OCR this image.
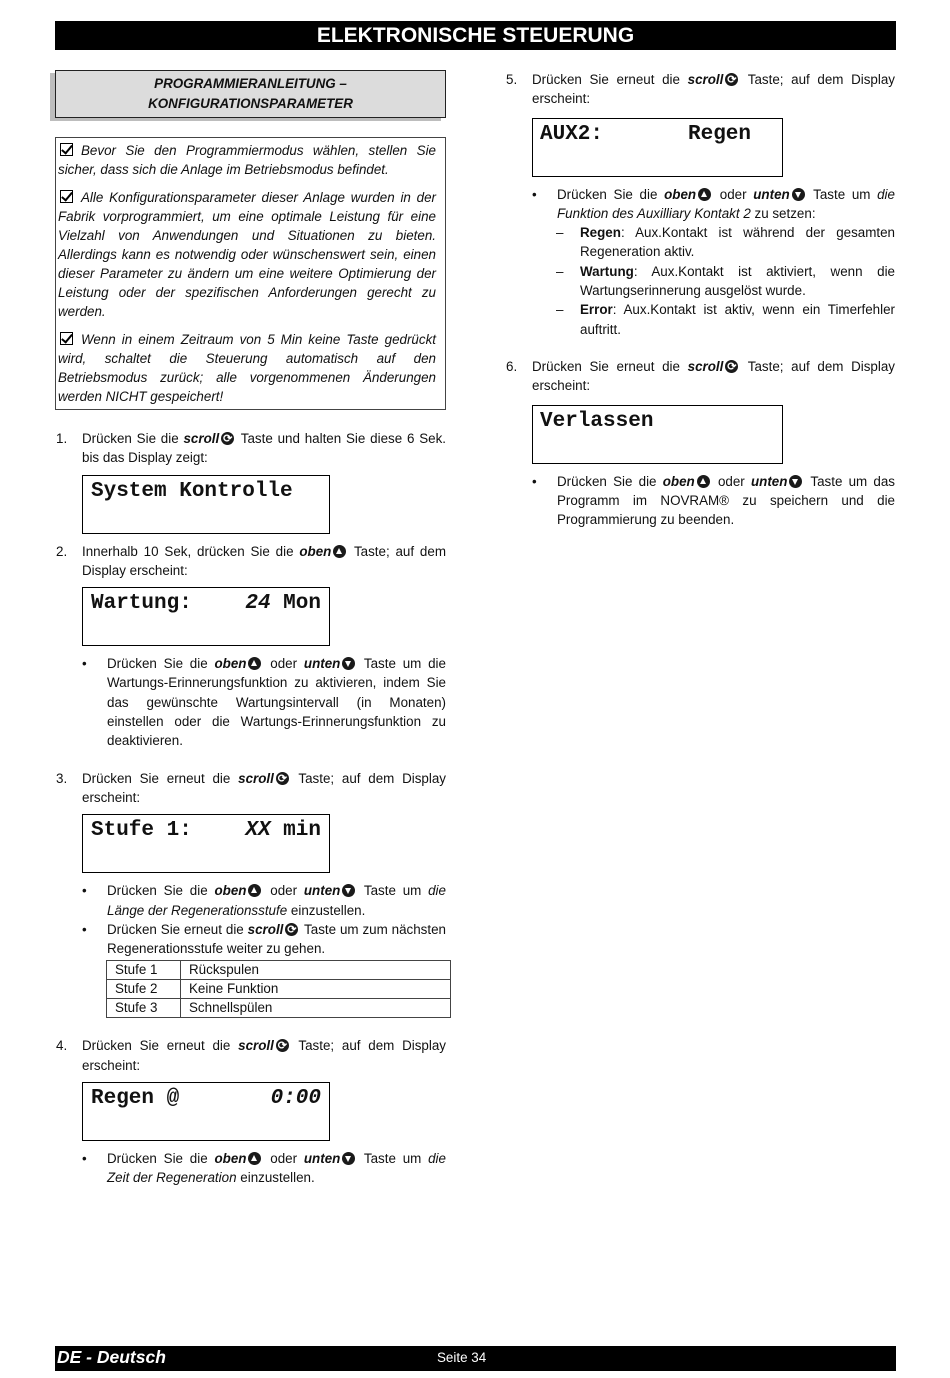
ELEKTRONISCHE STEUERUNG
PROGRAMMIERANLEITUNG –
KONFIGURATIONSPARAMETER

Bevor Sie den Programmiermodus wählen, stellen Sie sicher, dass sich die Anlage im Betriebsmodus befindet.

Alle Konfigurationsparameter dieser Anlage wurden in der Fabrik vorprogrammiert, um eine optimale Leistung für eine Vielzahl von Anwendungen und Situationen zu bieten. Allerdings kann es notwendig oder wünschenswert sein, einen dieser Parameter zu ändern um eine weitere Optimierung der Leistung oder der spezifischen Anforderungen gerecht zu werden.

Wenn in einem Zeitraum von 5 Min keine Taste gedrückt wird, schaltet die Steuerung automatisch auf den Betriebsmodus zurück; alle vorgenommenen Änderungen werden NICHT gespeichert!

1. Drücken Sie die scroll ⟳ Taste und halten Sie diese 6 Sek. bis das Display zeigt:
System Kontrolle
2. Innerhalb 10 Sek, drücken Sie die oben Taste; auf dem Display erscheint:

Wartung:

	24 Mon

• Drücken Sie die oben oder unten Taste um die Wartungs-Erinnerungsfunktion zu aktivieren, indem Sie das gewünschte Wartungsintervall (in Monaten) einstellen oder die Wartungs-Erinnerungsfunktion zu deaktivieren.
3. Drücken Sie erneut die scroll ⟳ Taste; auf dem Display erscheint:

Stufe 1:

	XX min

• Drücken Sie die oben oder unten Taste um die Länge der Regenerationsstufe einzustellen.
• Drücken Sie erneut die scroll ⟳ Taste um zum nächsten Regenerationsstufe weiter zu gehen.
Stufe 1	Rückspulen
Stufe 2	Keine Funktion
Stufe 3	Schnellspülen
4. Drücken Sie erneut die scroll ⟳ Taste; auf dem Display erscheint:

Regen @

	0:00

• Drücken Sie die oben oder unten Taste um die Zeit der Regeneration einzustellen.
5. Drücken Sie erneut die scroll ⟳ Taste; auf dem Display erscheint:

AUX2:

	Regen

• Drücken Sie die oben oder unten Taste um die Funktion des Auxilliary Kontakt 2 zu setzen:
– Regen: Aux.Kontakt ist während der gesamten Regeneration aktiv.
– Wartung: Aux.Kontakt ist aktiviert, wenn die Wartungserinnerung ausgelöst wurde.
– Error: Aux.Kontakt ist aktiv, wenn ein Timerfehler auftritt.
6. Drücken Sie erneut die scroll ⟳ Taste; auf dem Display erscheint:

Verlassen

• Drücken Sie die oben oder unten Taste um das Programm im NOVRAM® zu speichern und die Programmierung zu beenden.
DE - Deutsch	Seite 34
